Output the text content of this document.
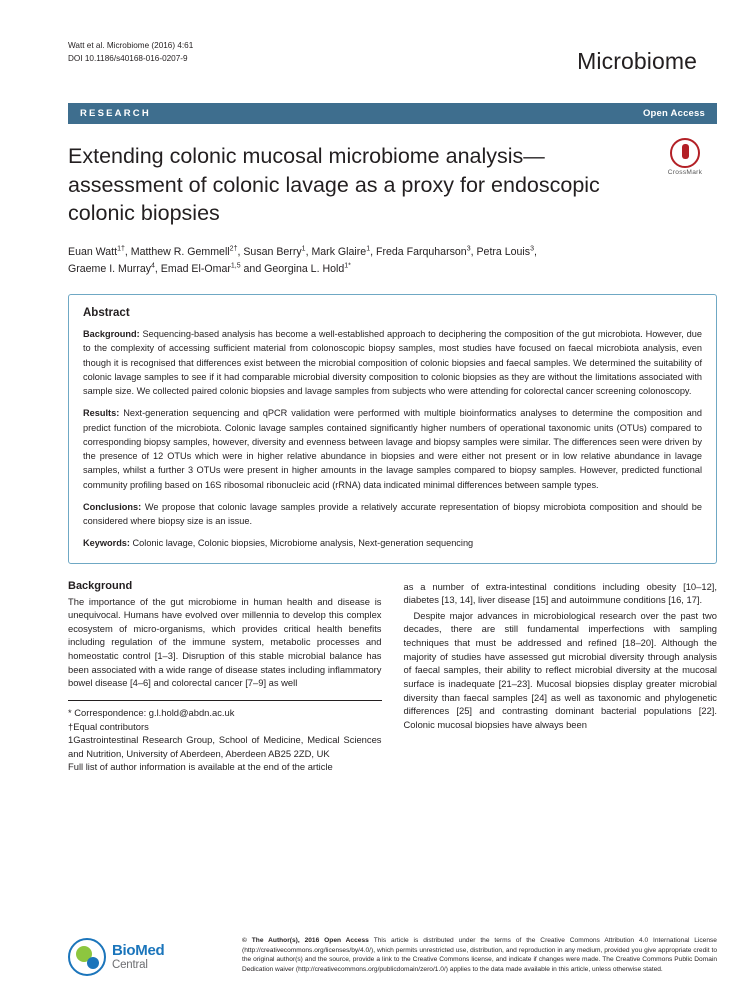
Watt et al. Microbiome (2016) 4:61
DOI 10.1186/s40168-016-0207-9	Microbiome
RESEARCH	Open Access
Extending colonic mucosal microbiome analysis—assessment of colonic lavage as a proxy for endoscopic colonic biopsies
CrossMark
Euan Watt$^{1\dagger}$, Matthew R. Gemmell$^{2\dagger}$, Susan Berry$^1$, Mark Glaire$^1$, Freda Farquharson$^3$, Petra Louis$^3$,
Graeme I. Murray$^4$, Emad El-Omar$^{1,5}$ and Georgina L. Hold$^{1*}$
Abstract

Background: Sequencing-based analysis has become a well-established approach to deciphering the composition of the gut microbiota. However, due to the complexity of accessing sufficient material from colonoscopic biopsy samples, most studies have focused on faecal microbiota analysis, even though it is recognised that differences exist between the microbial composition of colonic biopsies and faecal samples. We determined the suitability of colonic lavage samples to see if it had comparable microbial diversity composition to colonic biopsies as they are without the limitations associated with sample size. We collected paired colonic biopsies and lavage samples from subjects who were attending for colorectal cancer screening colonoscopy.

Results: Next-generation sequencing and qPCR validation were performed with multiple bioinformatics analyses to determine the composition and predict function of the microbiota. Colonic lavage samples contained significantly higher numbers of operational taxonomic units (OTUs) compared to corresponding biopsy samples, however, diversity and evenness between lavage and biopsy samples were similar. The differences seen were driven by the presence of 12 OTUs which were in higher relative abundance in biopsies and were either not present or in low relative abundance in lavage samples, whilst a further 3 OTUs were present in higher amounts in the lavage samples compared to biopsy samples. However, predicted functional community profiling based on 16S ribosomal ribonucleic acid (rRNA) data indicated minimal differences between sample types.

Conclusions: We propose that colonic lavage samples provide a relatively accurate representation of biopsy microbiota composition and should be considered where biopsy size is an issue.

Keywords: Colonic lavage, Colonic biopsies, Microbiome analysis, Next-generation sequencing

Background

The importance of the gut microbiome in human health and disease is unequivocal. Humans have evolved over millennia to develop this complex ecosystem of micro-organisms, which provides critical health benefits including regulation of the immune system, metabolic processes and homeostatic control [1–3]. Disruption of this stable microbial balance has been associated with a wide range of disease states including inflammatory bowel disease [4–6] and colorectal cancer [7–9] as well

* Correspondence: g.l.hold@abdn.ac.uk

†Equal contributors

1Gastrointestinal Research Group, School of Medicine, Medical Sciences and Nutrition, University of Aberdeen, Aberdeen AB25 2ZD, UK

Full list of author information is available at the end of the article

as a number of extra-intestinal conditions including obesity [10–12], diabetes [13, 14], liver disease [15] and autoimmune conditions [16, 17].

Despite major advances in microbiological research over the past two decades, there are still fundamental imperfections with sampling techniques that must be addressed and refined [18–20]. Although the majority of studies have assessed gut microbial diversity through analysis of faecal samples, their ability to reflect microbial diversity at the mucosal surface is inadequate [21–23]. Mucosal biopsies display greater microbial diversity than faecal samples [24] as well as taxonomic and phylogenetic differences [25] and contrasting dominant bacterial populations [22]. Colonic mucosal biopsies have always been

BioMed
Central
© The Author(s), 2016 Open Access This article is distributed under the terms of the Creative Commons Attribution 4.0 International License (http://creativecommons.org/licenses/by/4.0/), which permits unrestricted use, distribution, and reproduction in any medium, provided you give appropriate credit to the original author(s) and the source, provide a link to the Creative Commons license, and indicate if changes were made. The Creative Commons Public Domain Dedication waiver (http://creativecommons.org/publicdomain/zero/1.0/) applies to the data made available in this article, unless otherwise stated.
